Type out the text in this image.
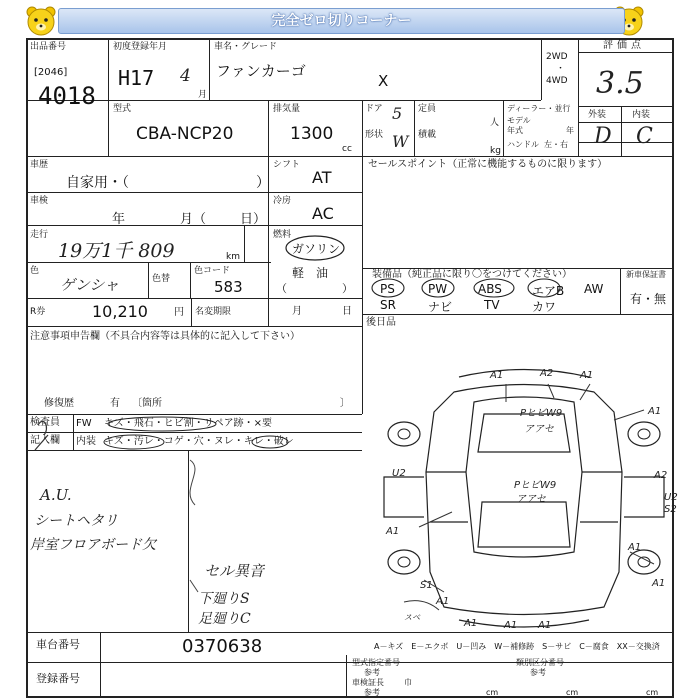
完全ゼロ切りコーナー
出品番号
[2046]
4018
初度登録年月
H17 4
月
車名・グレード
ファンカーゴ
X
2WD
・
4WD
評価点
3.5
外装	内装
D C
型式
CBA-NCP20
排気量
1300
cc
ドア 5
形状 W
定員
人
積載
kg
ディーラー・並行
モデル
年式	年
ハンドル 左・右
車歴
自家用・（	）
シフト
AT
車検
年	月（	日）
冷房
AC
走行
19万1千 809	km
燃料
ガソリン
軽　油
（	）
色
ゲンシャ	色替
色コード
583
セールスポイント（正常に機能するものに限ります）
装備品（純正品に限り〇をつけてください）
PS	PW	ABS	エアB AW
SR	ナビ	TV	カワ
新車保証書
有・無
R券	10,210	円 名変期限	月	日
後日品
注意事項申告欄（不具合内容等は具体的に記入して下さい）
修復歴	有 〔箇所	〕
検査員
記入欄
FW キズ・飛石・ヒビ割・リペア跡・×要
内装 キズ・汚レ・コゲ・穴・ヌレ・キレ・破レ
A.U.
シートヘタリ
岸室フロアボード欠
セル異音
下廻りS
足廻りC
A1	A2	A1
A1
A1
PヒビW9
アアセ
U2
PヒビW9
アアセ
A2
U2
S2
A1
A1
S1
A1
A1	A1 A1
スベ
A－キズ　E－エクボ　U－凹み　W－補修跡　S－サビ　C－腐食　XX－交換済
車台番号	0370638
登録番号
型式指定番号
参考
類別区分番号
参考
車検証長
参考
巾
cm	cm	cm
